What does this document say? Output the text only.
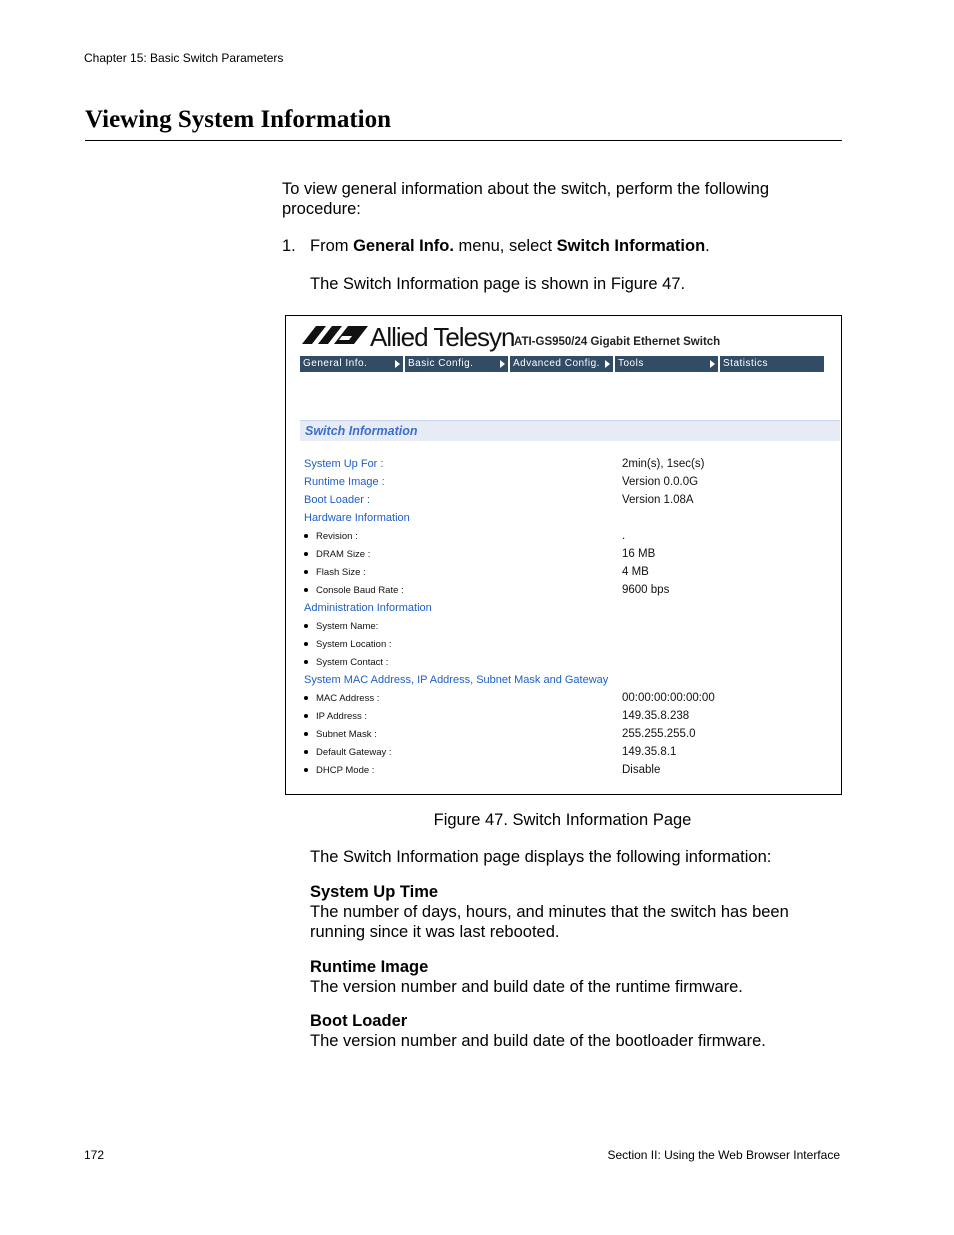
Chapter 15: Basic Switch Parameters
Viewing System Information
To view general information about the switch, perform the following procedure:
1. From General Info. menu, select Switch Information.
The Switch Information page is shown in Figure 47.
Allied Telesyn ATI-GS950/24 Gigabit Ethernet Switch
General Info.	Basic Config.	Advanced Config.	Tools	Statistics
Switch Information
System Up For :	2min(s), 1sec(s)
Runtime Image :	Version 0.0.0G
Boot Loader :	Version 1.08A
Hardware Information
Revision :	.
DRAM Size :	16 MB
Flash Size :	4 MB
Console Baud Rate :	9600 bps
Administration Information
System Name:
System Location :
System Contact :
System MAC Address, IP Address, Subnet Mask and Gateway
MAC Address :	00:00:00:00:00:00
IP Address :	149.35.8.238
Subnet Mask :	255.255.255.0
Default Gateway :	149.35.8.1
DHCP Mode :	Disable
Figure 47. Switch Information Page
The Switch Information page displays the following information:
System Up Time
The number of days, hours, and minutes that the switch has been running since it was last rebooted.
Runtime Image
The version number and build date of the runtime firmware.
Boot Loader
The version number and build date of the bootloader firmware.
172	Section II: Using the Web Browser Interface
